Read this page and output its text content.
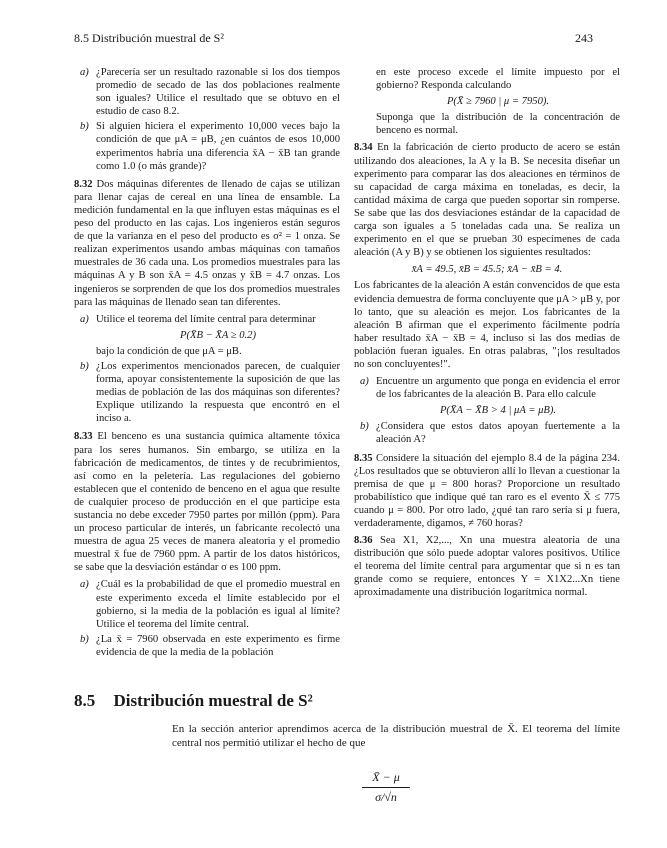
8.5 Distribución muestral de S²	243
a) ¿Parecería ser un resultado razonable si los dos tiempos promedio de secado de las dos poblaciones realmente son iguales? Utilice el resultado que se obtuvo en el estudio de caso 8.2.
b) Si alguien hiciera el experimento 10,000 veces bajo la condición de que μA = μB, ¿en cuántos de esos 10,000 experimentos habría una diferencia x̄A − x̄B tan grande como 1.0 (o más grande)?

8.32 Dos máquinas diferentes de llenado de cajas se utilizan para llenar cajas de cereal en una línea de ensamble. La medición fundamental en la que influyen estas máquinas es el peso del producto en las cajas. Los ingenieros están seguros de que la varianza en el peso del producto es σ² = 1 onza. Se realizan experimentos usando ambas máquinas con tamaños muestrales de 36 cada una. Los promedios muestrales para las máquinas A y B son x̄A = 4.5 onzas y x̄B = 4.7 onzas. Los ingenieros se sorprenden de que los dos promedios muestrales para las máquinas de llenado sean tan diferentes.

a) Utilice el teorema del límite central para determinar
P(X̄B − X̄A ≥ 0.2)
bajo la condición de que μA = μB.
b) ¿Los experimentos mencionados parecen, de cualquier forma, apoyar consistentemente la suposición de que las medias de población de las dos máquinas son diferentes? Explique utilizando la respuesta que encontró en el inciso a.

8.33 El benceno es una sustancia química altamente tóxica para los seres humanos. Sin embargo, se utiliza en la fabricación de medicamentos, de tintes y de recubrimientos, así como en la peletería. Las regulaciones del gobierno establecen que el contenido de benceno en el agua que resulte de cualquier proceso de producción en el que participe esta sustancia no debe exceder 7950 partes por millón (ppm). Para un proceso particular de interés, un fabricante recolectó una muestra de agua 25 veces de manera aleatoria y el promedio muestral x̄ fue de 7960 ppm. A partir de los datos históricos, se sabe que la desviación estándar σ es 100 ppm.

a) ¿Cuál es la probabilidad de que el promedio muestral en este experimento exceda el límite establecido por el gobierno, si la media de la población es igual al límite? Utilice el teorema del límite central.
b) ¿La x̄ = 7960 observada en este experimento es firme evidencia de que la media de la población
en este proceso excede el límite impuesto por el gobierno? Responda calculando
P(X̄ ≥ 7960 | μ = 7950).

Suponga que la distribución de la concentración de benceno es normal.

8.34 En la fabricación de cierto producto de acero se están utilizando dos aleaciones, la A y la B. Se necesita diseñar un experimento para comparar las dos aleaciones en términos de su capacidad de carga máxima en toneladas, es decir, la cantidad máxima de carga que pueden soportar sin romperse. Se sabe que las dos desviaciones estándar de la capacidad de carga son iguales a 5 toneladas cada una. Se realiza un experimento en el que se prueban 30 especímenes de cada aleación (A y B) y se obtienen los siguientes resultados:

x̄A = 49.5, x̄B = 45.5; x̄A − x̄B = 4.

Los fabricantes de la aleación A están convencidos de que esta evidencia demuestra de forma concluyente que μA > μB y, por lo tanto, que su aleación es mejor. Los fabricantes de la aleación B afirman que el experimento fácilmente podría haber resultado x̄A − x̄B = 4, incluso si las dos medias de población fueran iguales. En otras palabras, "¡los resultados no son concluyentes!".

a) Encuentre un argumento que ponga en evidencia el error de los fabricantes de la aleación B. Para ello calcule
P(X̄A − X̄B > 4 | μA = μB).
b) ¿Considera que estos datos apoyan fuertemente a la aleación A?

8.35 Considere la situación del ejemplo 8.4 de la página 234. ¿Los resultados que se obtuvieron allí lo llevan a cuestionar la premisa de que μ = 800 horas? Proporcione un resultado probabilístico que indique qué tan raro es el evento X̄ ≤ 775 cuando μ = 800. Por otro lado, ¿qué tan raro sería si μ fuera, verdaderamente, digamos, ≠ 760 horas?

8.36 Sea X1, X2,..., Xn una muestra aleatoria de una distribución que sólo puede adoptar valores positivos. Utilice el teorema del límite central para argumentar que si n es tan grande como se requiere, entonces Y = X1X2...Xn tiene aproximadamente una distribución logarítmica normal.

8.5 Distribución muestral de S²

En la sección anterior aprendimos acerca de la distribución muestral de X̄. El teorema del límite central nos permitió utilizar el hecho de que

$\frac{X̄ - \mu}{\sigma/√n}$
